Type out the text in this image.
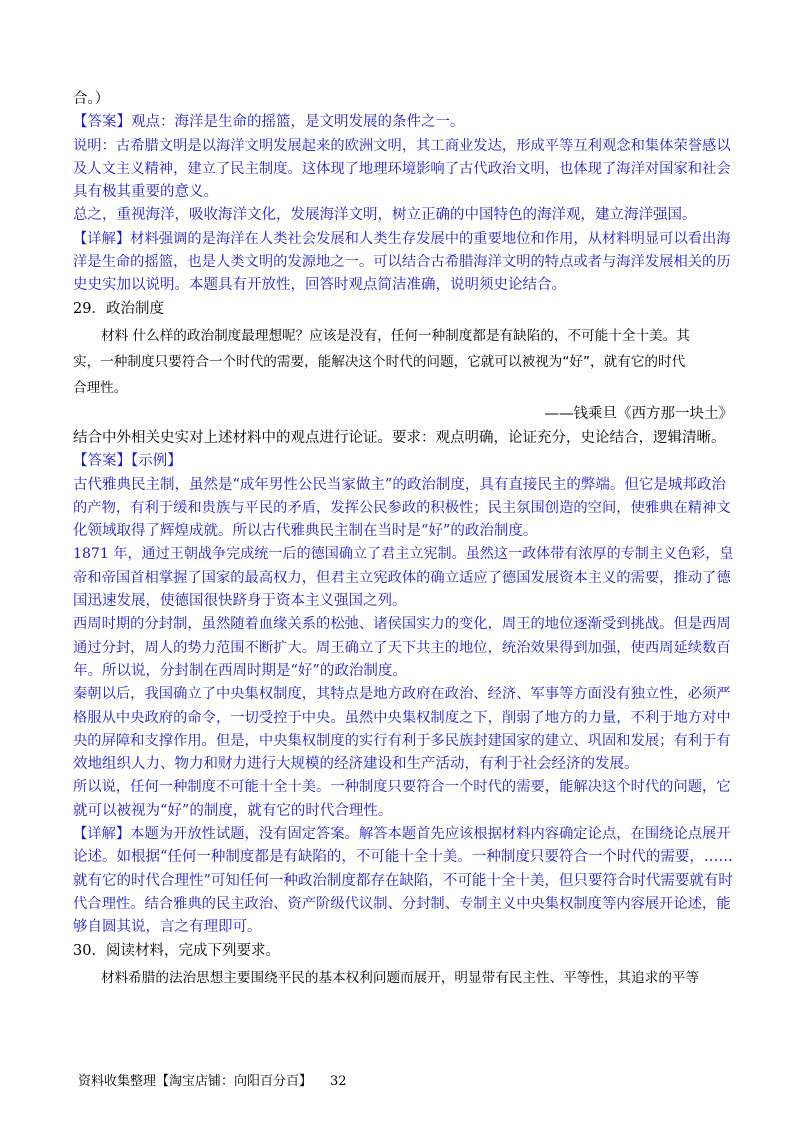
合。）
【答案】观点：海洋是生命的摇篮，是文明发展的条件之一。
说明：古希腊文明是以海洋文明发展起来的欧洲文明，其工商业发达，形成平等互利观念和集体荣誉感以
及人文主义精神，建立了民主制度。这体现了地理环境影响了古代政治文明，也体现了海洋对国家和社会
具有极其重要的意义。
总之，重视海洋，吸收海洋文化，发展海洋文明，树立正确的中国特色的海洋观，建立海洋强国。
【详解】材料强调的是海洋在人类社会发展和人类生存发展中的重要地位和作用，从材料明显可以看出海
洋是生命的摇篮，也是人类文明的发源地之一。可以结合古希腊海洋文明的特点或者与海洋发展相关的历
史史实加以说明。本题具有开放性，回答时观点简洁准确，说明须史论结合。
29．政治制度
材料 什么样的政治制度最理想呢？应该是没有，任何一种制度都是有缺陷的，不可能十全十美。其
实，一种制度只要符合一个时代的需要，能解决这个时代的问题，它就可以被视为“好”，就有它的时代
合理性。
——钱乘旦《西方那一块土》
结合中外相关史实对上述材料中的观点进行论证。要求：观点明确，论证充分，史论结合，逻辑清晰。
【答案】【示例】
古代雅典民主制，虽然是“成年男性公民当家做主”的政治制度，具有直接民主的弊端。但它是城邦政治
的产物，有利于缓和贵族与平民的矛盾，发挥公民参政的积极性；民主氛围创造的空间，使雅典在精神文
化领域取得了辉煌成就。所以古代雅典民主制在当时是“好”的政治制度。
1871 年，通过王朝战争完成统一后的德国确立了君主立宪制。虽然这一政体带有浓厚的专制主义色彩，皇
帝和帝国首相掌握了国家的最高权力，但君主立宪政体的确立适应了德国发展资本主义的需要，推动了德
国迅速发展，使德国很快跻身于资本主义强国之列。
西周时期的分封制，虽然随着血缘关系的松弛、诸侯国实力的变化，周王的地位逐渐受到挑战。但是西周
通过分封，周人的势力范围不断扩大。周王确立了天下共主的地位，统治效果得到加强，使西周延续数百
年。所以说，分封制在西周时期是“好”的政治制度。
秦朝以后，我国确立了中央集权制度，其特点是地方政府在政治、经济、军事等方面没有独立性，必须严
格服从中央政府的命令，一切受控于中央。虽然中央集权制度之下，削弱了地方的力量，不利于地方对中
央的屏障和支撑作用。但是，中央集权制度的实行有利于多民族封建国家的建立、巩固和发展；有利于有
效地组织人力、物力和财力进行大规模的经济建设和生产活动，有利于社会经济的发展。
所以说，任何一种制度不可能十全十美。一种制度只要符合一个时代的需要，能解决这个时代的问题，它
就可以被视为“好”的制度，就有它的时代合理性。
【详解】本题为开放性试题，没有固定答案。解答本题首先应该根据材料内容确定论点，在围绕论点展开
论述。如根据“任何一种制度都是有缺陷的，不可能十全十美。一种制度只要符合一个时代的需要，……
就有它的时代合理性”可知任何一种政治制度都存在缺陷，不可能十全十美，但只要符合时代需要就有时
代合理性。结合雅典的民主政治、资产阶级代议制、分封制、专制主义中央集权制度等内容展开论述，能
够自圆其说，言之有理即可。
30．阅读材料，完成下列要求。
材料希腊的法治思想主要围绕平民的基本权利问题而展开，明显带有民主性、平等性，其追求的平等
资料收集整理【淘宝店铺：向阳百分百】 32
